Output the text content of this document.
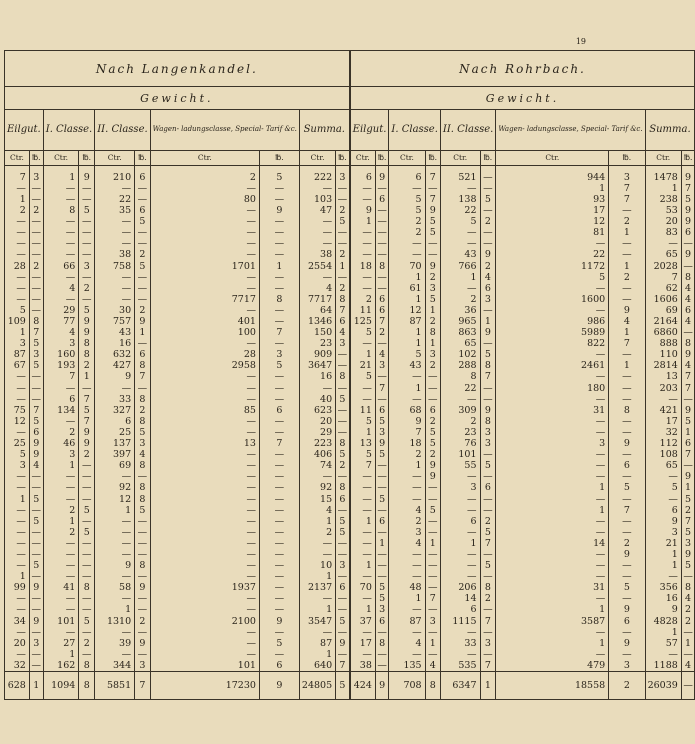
19
Nach Langenkandel.										Nach Rohrbach.									
Gewicht.										Gewicht.									
Eilgut.		I. Classe.		II. Classe.		Wagen- ladungsclasse, Special- Tarif &c.		Summa.		Eilgut.		I. Classe.		II. Classe.		Wagen- ladungsclasse, Special- Tarif &c.		Summa.	
Ctr.	℔.	Ctr.	℔.	Ctr.	℔.	Ctr.	℔.	Ctr.	℔.	Ctr.	℔.	Ctr.	℔.	Ctr.	℔.	Ctr.	℔.	Ctr.	℔.
7	3	1	9	210	6	2	5	222	3		6	9	6	7	521	—	944	3	1478	9
—	—	—	—	—	—	—	—	—	—		—	—	—	—	—	—	1	7	1	7
1	—	—	—	22	—	80	—	103	—		—	6	5	7	138	5	93	7	238	5
2	2	8	5	35	6	—	9	47	2		9	—	5	9	22	—	17	—	53	9
—	—	—	—	—	5	—	—	—	5		1	—	2	5	5	2	12	2	20	9
—	—	—	—	—	—	—	—	—	—		—	—	2	5	—	—	81	1	83	6
—	—	—	—	—	—	—	—	—	—		—	—	—	—	—	—	—	—	—	—
—	—	—	—	38	2	—	—	38	2		—	—	—	—	43	9	22	—	65	9
28	2	66	3	758	5	1701	1	2554	1		18	8	70	9	766	2	1172	1	2028	—
—	—	—	—	—	—	—	—	—	—		—	—	1	2	1	4	5	2	7	8
—	—	4	2	—	—	—	—	4	2		—	—	61	3	—	6	—	—	62	4
—	—	—	—	—	—	7717	8	7717	8		2	6	1	5	2	3	1600	—	1606	4
5	—	29	5	30	2	—	—	64	7		11	6	12	1	36	—	—	9	69	6
109	8	77	9	757	9	401	—	1346	6		125	7	87	2	965	1	986	4	2164	4
1	7	4	9	43	1	100	7	150	4		5	2	1	8	863	9	5989	1	6860	—
3	5	3	8	16	—	—	—	23	3		—	—	1	1	65	—	822	7	888	8
87	3	160	8	632	6	28	3	909	—		1	4	5	3	102	5	—	—	110	9
67	5	193	2	427	8	2958	5	3647	—		21	3	43	2	288	8	2461	1	2814	4
—	—	7	1	9	7	—	—	16	8		5	—	—	—	8	7	—	—	13	7
—	—	—	—	—	—	—	—	—	—		—	7	1	—	22	—	180	—	203	7
—	—	6	7	33	8	—	—	40	5		—	—	—	—	—	—	—	—	—	—
75	7	134	5	327	2	85	6	623	—		11	6	68	6	309	9	31	8	421	9
12	5	—	7	6	8	—	—	20	—		5	5	9	2	2	8	—	—	17	5
—	6	2	9	25	5	—	—	29	—		1	3	7	5	23	3	—	—	32	1
25	9	46	9	137	3	13	7	223	8		13	9	18	5	76	3	3	9	112	6
5	9	3	2	397	4	—	—	406	5		5	5	2	2	101	—	—	—	108	7
3	4	1	—	69	8	—	—	74	2		7	—	1	9	55	5	—	6	65	—
—	—	—	—	—	—	—	—	—	—		—	—	—	9	—	—	—	—	—	9
—	—	—	—	92	8	—	—	92	8		—	—	—	—	3	6	1	5	5	1
1	5	—	—	12	8	—	—	15	6		—	5	—	—	—	—	—	—	—	5
—	—	2	5	1	5	—	—	4	—		—	—	4	5	—	—	1	7	6	2
—	5	1	—	—	—	—	—	1	5		1	6	2	—	6	2	—	—	9	7
—	—	2	5	—	—	—	—	2	5		—	—	3	—	—	5	—	—	3	5
—	—	—	—	—	—	—	—	—	—		—	1	4	1	1	7	14	2	21	3
—	—	—	—	—	—	—	—	—	—		—	—	—	—	—	—	—	9	1	9
—	5	—	—	9	8	—	—	10	3		1	—	—	—	—	5	—	—	1	5
1	—	—	—	—	—	—	—	1	—		—	—	—	—	—	—	—	—	—	—
99	9	41	8	58	9	1937	—	2137	6		70	5	48	—	206	8	31	5	356	8
—	—	—	—	—	—	—	—	—	—		—	5	1	7	14	2	—	—	16	4
—	—	—	—	1	—	—	—	1	—		1	3	—	—	6	—	1	9	9	2
34	9	101	5	1310	2	2100	9	3547	5		37	6	87	3	1115	7	3587	6	4828	2
—	—	—	—	—	—	—	—	—	—		—	—	—	—	—	—	—	—	1	—
20	3	27	2	39	9	—	5	87	9		17	8	4	1	33	3	1	9	57	1
—	—	1	—	—	—	—	—	1	—		—	—	—	—	—	—	—	—	—	—
32	—	162	8	344	3	101	6	640	7		38	—	135	4	535	7	479	3	1188	4
628	1	1094	8	5851	7	17230	9	24805	5		424	9	708	8	6347	1	18558	2	26039	—
